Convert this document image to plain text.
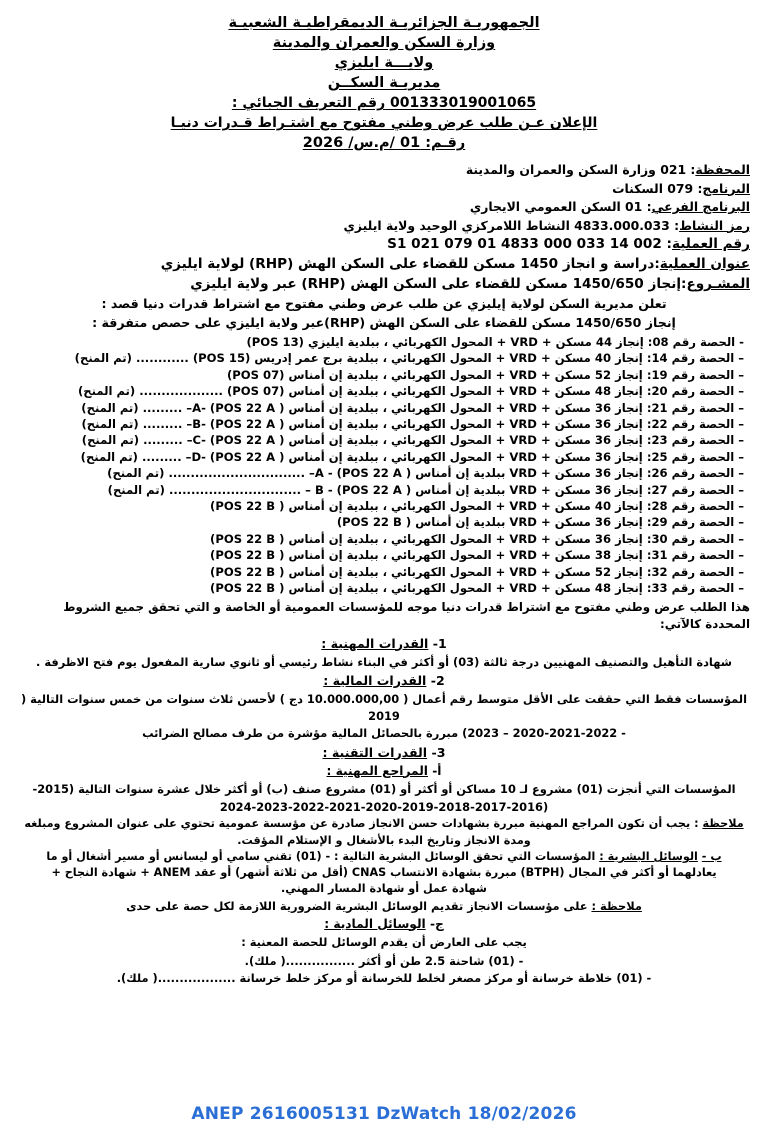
الجمهوريـة الجزائريـة الديمقراطيـة الشعبيـة
وزارة السكن والعمران والمدينة
ولايـــة ايليزي
مديريـة السكــن
001333019001065 رقم التعريف الجبائي :
الإعلان عـن طلب عرض وطني مفتوح مع اشتـراط قـدرات دنيـا
رقـم: 01 /م.س/ 2026
المحفظة: 021 وزارة السكن والعمران والمدينة
البرنامج: 079 السكنات
البرنامج الفرعي: 01 السكن العمومي الايجاري
رمز النشاط: 4833.000.033 النشاط اللامركزي الوحيد ولاية ايليزي
رقم العملية: S1 021 079 01 4833 000 033 14 002
عنوان العملية:دراسة و انجاز 1450 مسكن للقضاء على السكن الهش (RHP) لولاية ايليزي
المشـروع:إنجاز 1450/650 مسكن للقضاء على السكن الهش (RHP) عبر ولاية ايليزي
تعلن مديرية السكن لولاية إيليزي عن طلب عرض وطني مفتوح مع اشتراط قدرات دنيا قصد :
إنجاز 1450/650 مسكن للقضاء على السكن الهش (RHP)عبر ولاية ايليزي على حصص متفرقة :
- الحصة رقم 08: إنجاز 44 مسكن + VRD + المحول الكهربائي ، ببلدية ايليزي (POS 13)
– الحصة رقم 14: إنجاز 40 مسكن + VRD + المحول الكهربائي ، ببلدية برج عمر إدريس (POS 15) ............ (تم المنح)
– الحصة رقم 19: إنجاز 52 مسكن + VRD + المحول الكهربائي ، ببلدية إن أمناس (POS 07)
– الحصة رقم 20: إنجاز 48 مسكن + VRD + المحول الكهربائي ، ببلدية إن أمناس (POS 07) ................... (تم المنح)
– الحصة رقم 21: إنجاز 36 مسكن + VRD + المحول الكهربائي ، ببلدية إن أمناس ( POS 22 A) -A– ......... (تم المنح)
– الحصة رقم 22: إنجاز 36 مسكن + VRD + المحول الكهربائي ، ببلدية إن أمناس ( POS 22 A) -B– ......... (تم المنح)
– الحصة رقم 23: إنجاز 36 مسكن + VRD + المحول الكهربائي ، ببلدية إن أمناس ( POS 22 A) -C– ......... (تم المنح)
– الحصة رقم 25: إنجاز 36 مسكن + VRD + المحول الكهربائي ، ببلدية إن أمناس ( POS 22 A) -D– ......... (تم المنح)
– الحصة رقم 26: إنجاز 36 مسكن + VRD ببلدية إن أمناس ( POS 22 A) - A– ............................... (تم المنح)
– الحصة رقم 27: إنجاز 36 مسكن + VRD ببلدية إن أمناس ( POS 22 A) - B – .............................. (تم المنح)
– الحصة رقم 28: إنجاز 40 مسكن + VRD + المحول الكهربائي ، ببلدية إن أمناس ( POS 22 B)
– الحصة رقم 29: إنجاز 36 مسكن + VRD ببلدية إن أمناس ( POS 22 B)
– الحصة رقم 30: إنجاز 36 مسكن + VRD + المحول الكهربائي ، ببلدية إن أمناس ( POS 22 B)
– الحصة رقم 31: إنجاز 38 مسكن + VRD + المحول الكهربائي ، ببلدية إن أمناس ( POS 22 B)
– الحصة رقم 32: إنجاز 52 مسكن + VRD + المحول الكهربائي ، ببلدية إن أمناس ( POS 22 B)
– الحصة رقم 33: إنجاز 48 مسكن + VRD + المحول الكهربائي ، ببلدية إن أمناس ( POS 22 B)
هذا الطلب عرض وطني مفتوح مع اشتراط قدرات دنيا موجه للمؤسسات العمومية أو الخاصة و التي تحقق جميع الشروط المحددة كالآتي:
1- القدرات المهنية :
شهادة التأهيل والتصنيف المهنيين درجة ثالثة (03) أو أكثر في البناء نشاط رئيسي أو ثانوي سارية المفعول يوم فتح الاظرفة .
2- القدرات المالية :
المؤسسات فقط التي حققت على الأقل متوسط رقم أعمال ( 10.000.000,00 دج ) لأحسن ثلاث سنوات من خمس سنوات التالية ( 2019
- 2020-2021-2022 – 2023) مبررة بالحصائل المالية مؤشرة من طرف مصالح الضرائب
3- القدرات التقنية :
أ- المراجع المهنية :
المؤسسات التي أنجزت (01) مشروع لـ 10 مساكن أو أكثر أو (01) مشروع صنف (ب) أو أكثر خلال عشرة سنوات التالية (2015-
(2024-2023-2022-2021-2020-2019-2018-2017-2016
ملاحظة : يجب أن تكون المراجع المهنية مبررة بشهادات حسن الانجاز صادرة عن مؤسسة عمومية تحتوي على عنوان المشروع ومبلغه
ومدة الانجاز وتاريخ البدء بالأشغال و الإستلام المؤقت.
ب - الوسائل البشرية : المؤسسات التي تحقق الوسائل البشرية التالية : - (01) تقني سامي أو ليسانس أو مسير أشغال أو ما
يعادلهما أو أكثر في المجال (BTPH) مبررة بشهادة الانتساب CNAS (أقل من ثلاثة أشهر) أو عقد ANEM + شهادة النجاح +
شهادة عمل أو شهادة المسار المهني.
ملاحظة : على مؤسسات الانجاز تقديم الوسائل البشرية الضرورية اللازمة لكل حصة على حدى
ج- الوسائل المادية :
يجب على العارض أن يقدم الوسائل للحصة المعنية :
- (01) شاحنة 2.5 طن أو أكثر ................( ملك).
- (01) خلاطة خرسانة أو مركز مصغر لخلط للخرسانة أو مركز خلط خرسانة ..................( ملك).
ANEP 2616005131 DzWatch 18/02/2026
